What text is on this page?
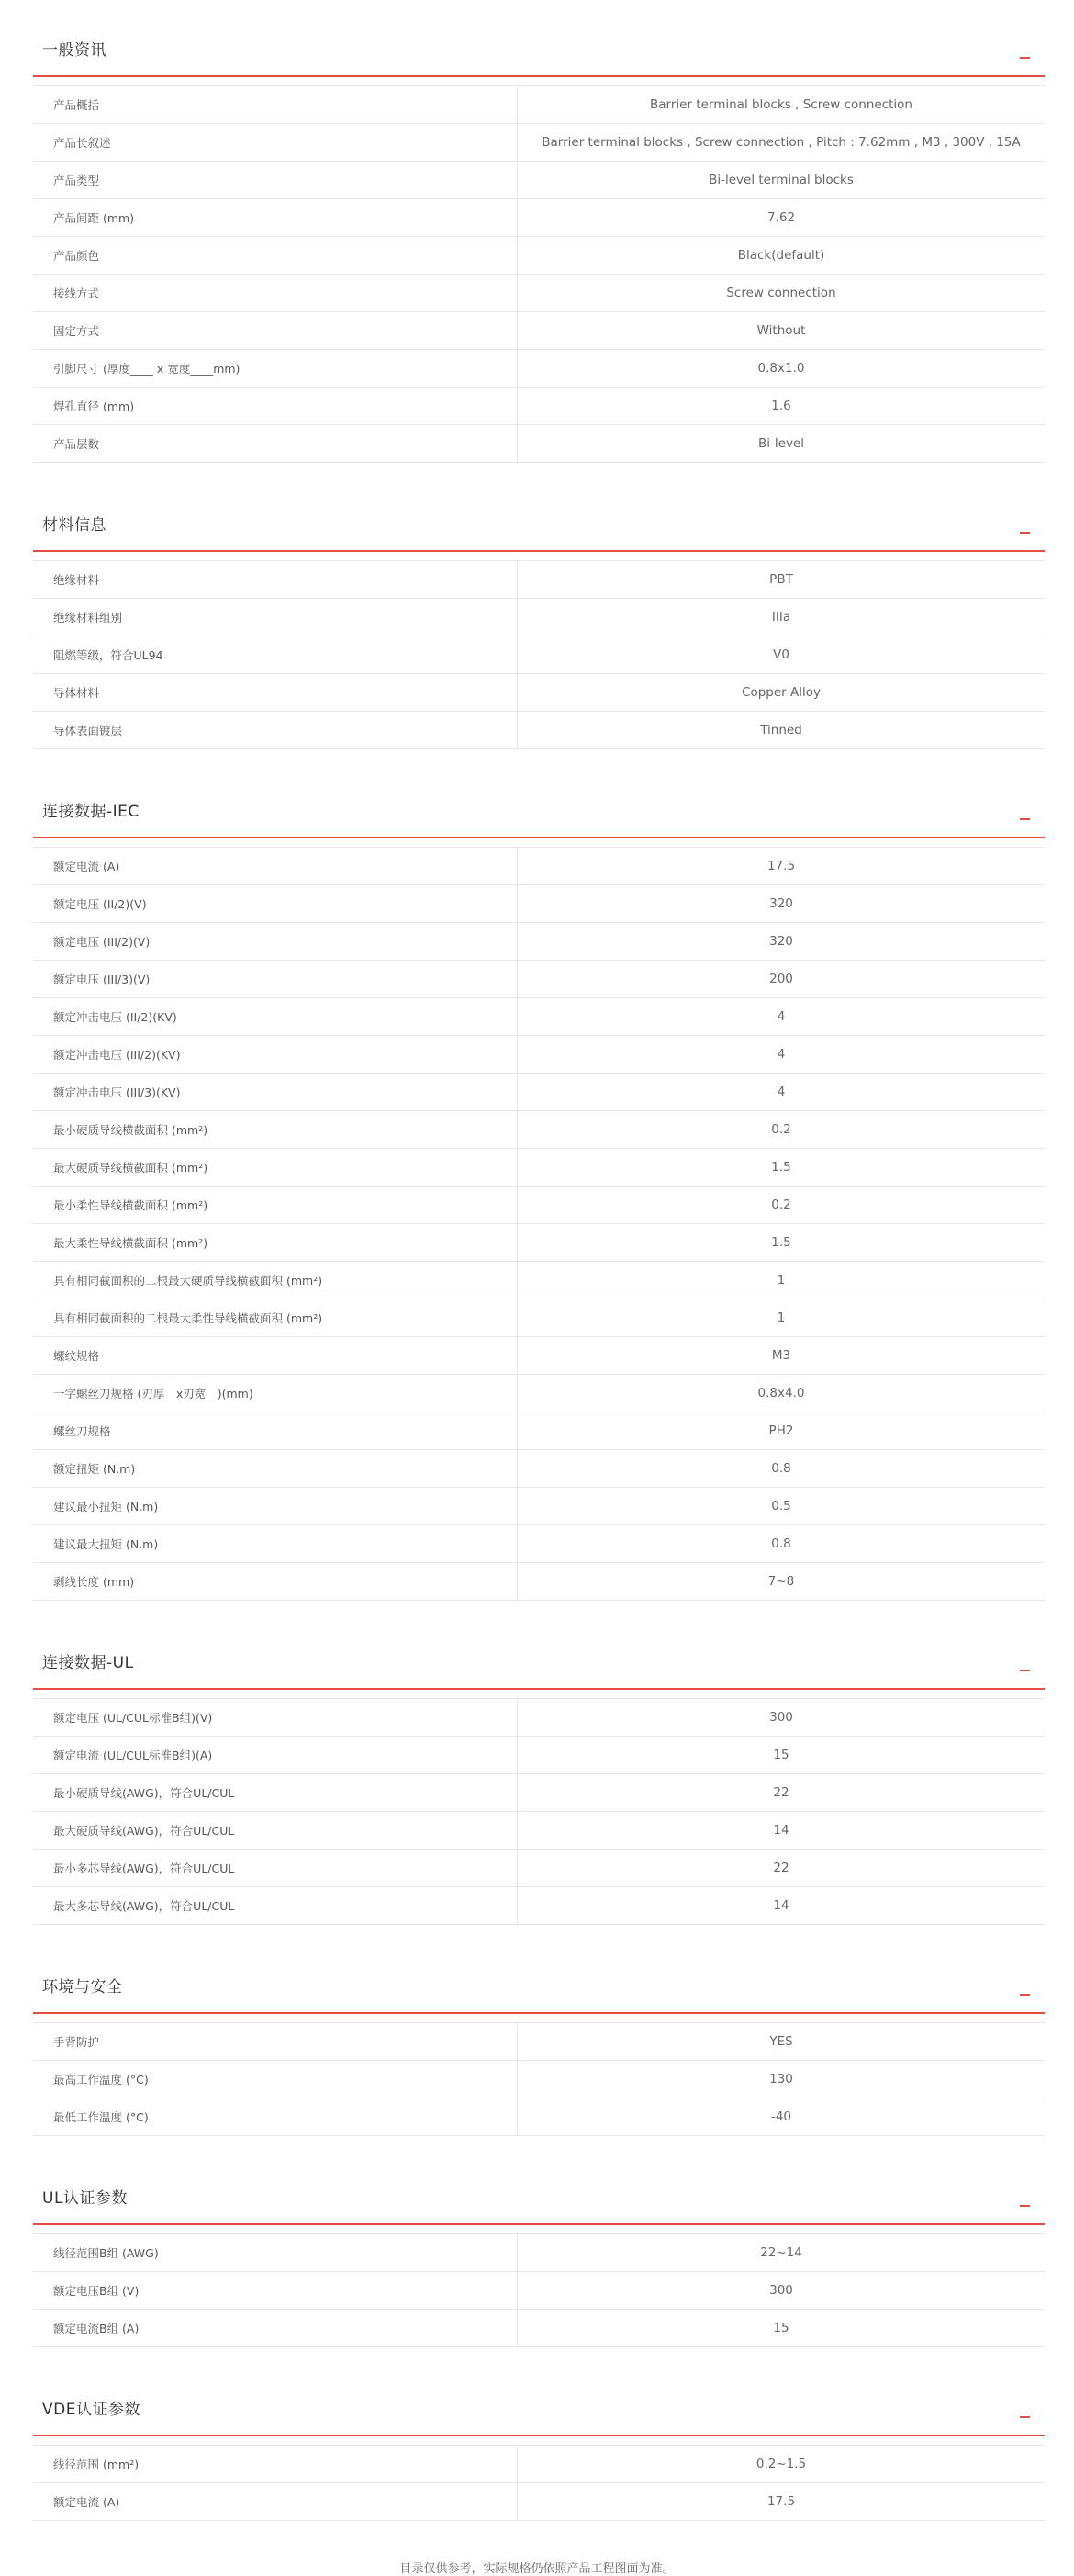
一般资讯
产品概括	Barrier terminal blocks , Screw connection
产品长叙述	Barrier terminal blocks , Screw connection , Pitch : 7.62mm , M3 , 300V , 15A
产品类型	Bi-level terminal blocks
产品间距 (mm)	7.62
产品颜色	Black(default)
接线方式	Screw connection
固定方式	Without
引脚尺寸 (厚度____ x 宽度____mm)	0.8x1.0
焊孔直径 (mm)	1.6
产品层数	Bi-level
材料信息
绝缘材料	PBT
绝缘材料组别	IIIa
阻燃等级，符合UL94	V0
导体材料	Copper Alloy
导体表面镀层	Tinned
连接数据-IEC
额定电流 (A)	17.5
额定电压 (II/2)(V)	320
额定电压 (III/2)(V)	320
额定电压 (III/3)(V)	200
额定冲击电压 (II/2)(KV)	4
额定冲击电压 (III/2)(KV)	4
额定冲击电压 (III/3)(KV)	4
最小硬质导线横截面积 (mm²)	0.2
最大硬质导线横截面积 (mm²)	1.5
最小柔性导线横截面积 (mm²)	0.2
最大柔性导线横截面积 (mm²)	1.5
具有相同截面积的二根最大硬质导线横截面积 (mm²)	1
具有相同截面积的二根最大柔性导线横截面积 (mm²)	1
螺纹规格	M3
一字螺丝刀规格 (刃厚__x刃宽__)(mm)	0.8x4.0
螺丝刀规格	PH2
额定扭矩 (N.m)	0.8
建议最小扭矩 (N.m)	0.5
建议最大扭矩 (N.m)	0.8
剥线长度 (mm)	7~8
连接数据-UL
额定电压 (UL/CUL标准B组)(V)	300
额定电流 (UL/CUL标准B组)(A)	15
最小硬质导线(AWG)，符合UL/CUL	22
最大硬质导线(AWG)，符合UL/CUL	14
最小多芯导线(AWG)，符合UL/CUL	22
最大多芯导线(AWG)，符合UL/CUL	14
环境与安全
手背防护	YES
最高工作温度 (°C)	130
最低工作温度 (°C)	-40
UL认证参数
线径范围B组 (AWG)	22~14
额定电压B组 (V)	300
额定电流B组 (A)	15
VDE认证参数
线径范围 (mm²)	0.2~1.5
额定电流 (A)	17.5
目录仅供参考，实际规格仍依照产品工程图面为准。
